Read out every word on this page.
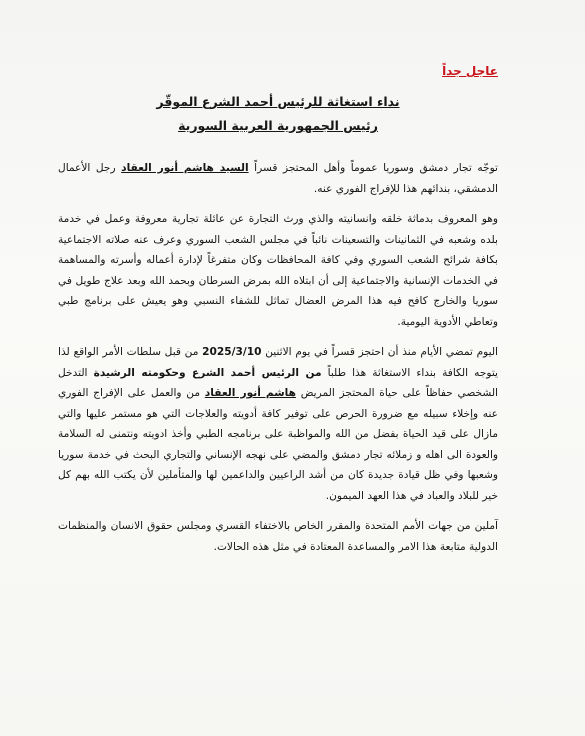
عاجل جداً
نداء استغاثة للرئيس أحمد الشرع الموقّر
رئيس الجمهورية العربية السورية

توجّه تجار دمشق وسوريا عموماً وأهل المحتجز قسراً السيد هاشم أنور العقاد رجل الأعمال الدمشقي، بندائهم هذا للإفراج الفوري عنه.

وهو المعروف بدماثة خلقه وانسانيته والذي ورث التجارة عن عائلة تجارية معروفة وعمل في خدمة بلده وشعبه في الثمانينات والتسعينات نائباً في مجلس الشعب السوري وعرف عنه صلاته الاجتماعية بكافة شرائح الشعب السوري وفي كافة المحافظات وكان متفرغاً لإدارة أعماله وأسرته والمساهمة في الخدمات الإنسانية والاجتماعية إلى أن ابتلاه الله بمرض السرطان وبحمد الله وبعد علاج طويل في سوريا والخارج كافح فيه هذا المرض العضال تماثل للشفاء النسبي وهو يعيش على برنامج طبي وتعاطي الأدوية اليومية.

اليوم تمضي الأيام منذ أن احتجز قسراً في يوم الاثنين 2025/3/10 من قبل سلطات الأمر الواقع لذا يتوجه الكافة بنداء الاستغاثة هذا طلباً من الرئيس أحمد الشرع وحكومته الرشيدة التدخل الشخصي حفاظاً على حياة المحتجز المريض هاشم أنور العقاد من والعمل على الإفراج الفوري عنه وإخلاء سبيله مع ضرورة الحرص على توفير كافة أدويته والعلاجات التي هو مستمر عليها والتي مازال على قيد الحياة بفضل من الله والمواظبة على برنامجه الطبي وأخذ ادويته ونتمنى له السلامة والعودة الى اهله و زملائه تجار دمشق والمضي على نهجه الإنساني والتجاري البحث في خدمة سوريا وشعبها وفي ظل قيادة جديدة كان من أشد الراعيين والداعمين لها والمتأملين لأن يكتب الله بهم كل خير للبلاد والعباد في هذا العهد الميمون.

آملين من جهات الأمم المتحدة والمقرر الخاص بالاختفاء القسري ومجلس حقوق الانسان والمنظمات الدولية متابعة هذا الامر والمساعدة المعتادة في مثل هذه الحالات.
